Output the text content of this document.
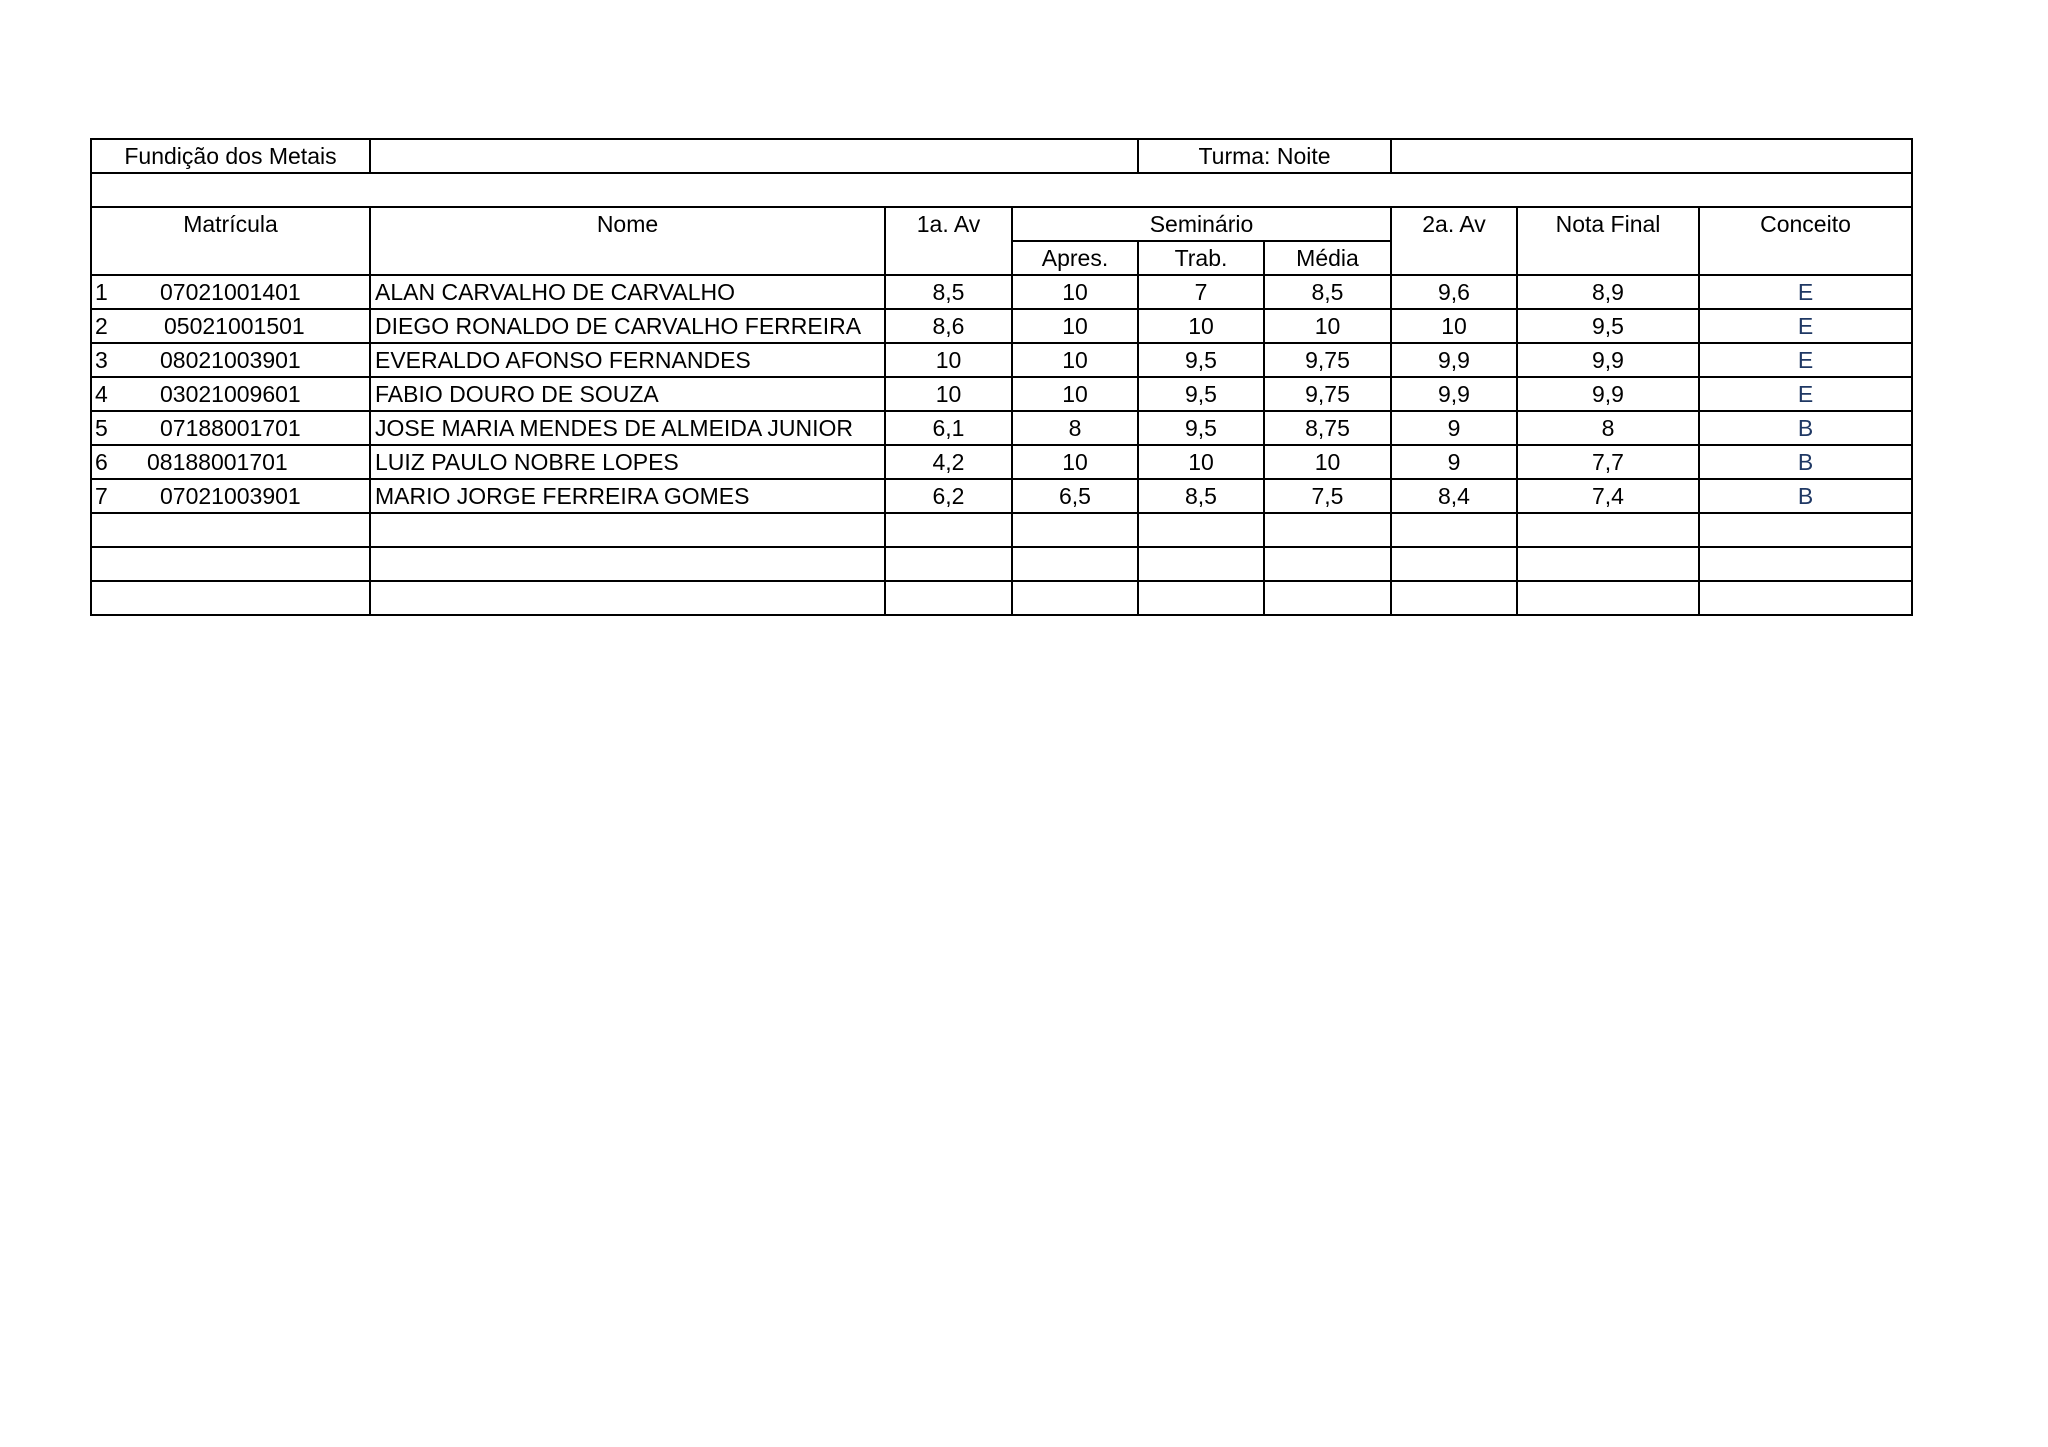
Fundição dos Metais				Turma: Noite				

Matrícula	Nome	1a. Av	Seminário			2a. Av	Nota Final	Conceito
			Apres.	Trab.	Média			

1 07021001401	ALAN CARVALHO DE CARVALHO	8,5	10	7	8,5	9,6	8,9	E

2 05021001501	DIEGO RONALDO DE CARVALHO FERREIRA	8,6	10	10	10	10	9,5	E

3 08021003901	EVERALDO AFONSO FERNANDES	10	10	9,5	9,75	9,9	9,9	E

4 03021009601	FABIO DOURO DE SOUZA	10	10	9,5	9,75	9,9	9,9	E

5 07188001701	JOSE MARIA MENDES DE ALMEIDA JUNIOR	6,1	8	9,5	8,75	9	8	B

6 08188001701	LUIZ PAULO NOBRE LOPES	4,2	10	10	10	9	7,7	B

7 07021003901	MARIO JORGE FERREIRA GOMES	6,2	6,5	8,5	7,5	8,4	7,4	B
